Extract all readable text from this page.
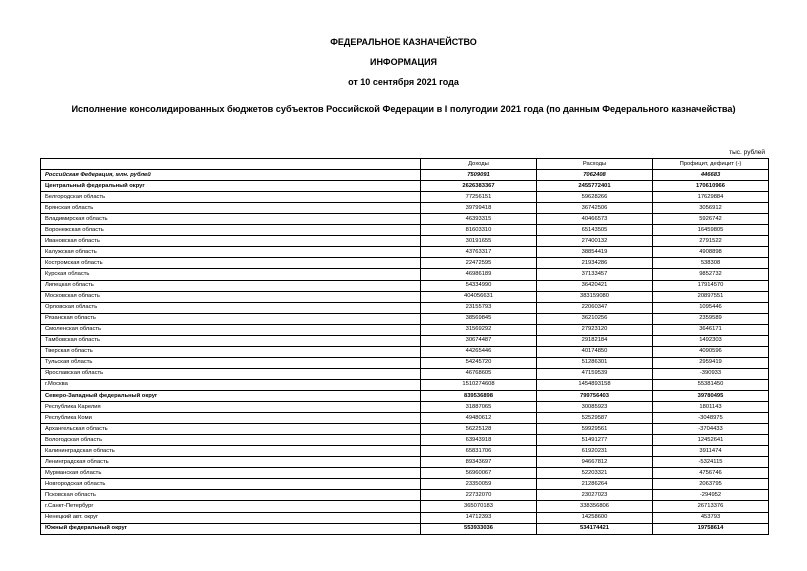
ФЕДЕРАЛЬНОЕ КАЗНАЧЕЙСТВО
ИНФОРМАЦИЯ
от 10 сентября 2021 года
Исполнение консолидированных бюджетов субъектов Российской Федерации в I полугодии 2021 года (по данным Федерального казначейства)
тыс. рублей
	Доходы	Расходы	Профицит, дефицит (-)
Российская Федерация, млн. рублей	7509091	7062408	446683
Центральный федеральный округ	2626383367	2455772401	170610966
Белгородская область	77256151	59628266	17629884
Брянская область	39799418	36742506	3056912
Владимирская область	46393315	40466573	5926742
Воронежская область	81603310	65143505	16459805
Ивановская область	30191655	27400132	2791522
Калужская область	43763317	38854419	4908898
Костромская область	22472595	21934286	538308
Курская область	46986189	37133457	9852732
Липецкая область	54334990	36420421	17914570
Московская область	404056631	383159080	20897551
Орловская область	23155793	22060347	1095446
Рязанская область	38569845	36210256	2359589
Смоленская область	31569292	27923120	3646171
Тамбовская область	30674487	29182184	1492303
Тверская область	44265446	40174850	4090596
Тульская область	54245720	51286301	2959419
Ярославская область	46768605	47159539	-390933
г.Москва	1510274608	1454893158	55381450
Северо-Западный федеральный округ	839536898	799756403	39780495
Республика Карелия	31887065	30085923	1801143
Республика Коми	49480612	52529587	-3048975
Архангельская область	56225128	59929561	-3704433
Вологодская область	63943918	51491277	12452641
Калининградская область	65831706	61920231	3911474
Ленинградская область	89343697	94667812	-5324115
Мурманская область	56960067	52203321	4756746
Новгородская область	23350059	21286264	2063795
Псковская область	22732070	23027023	-294952
г.Санкт-Петербург	365070183	338356806	26713376
Ненецкий авт. округ	14712393	14258600	453793
Южный федеральный округ	553933036	534174421	19758614
